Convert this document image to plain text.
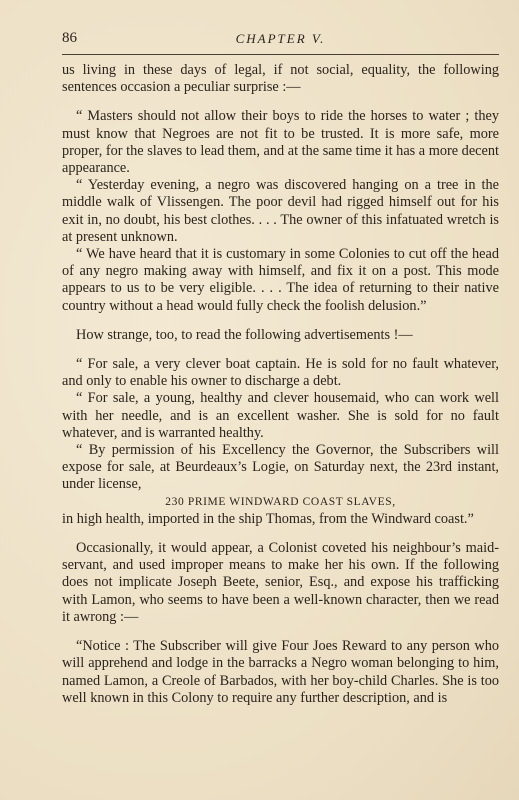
86	CHAPTER V.

us living in these days of legal, if not social, equality, the following sentences occasion a peculiar surprise :—

“ Masters should not allow their boys to ride the horses to water ; they must know that Negroes are not fit to be trusted. It is more safe, more proper, for the slaves to lead them, and at the same time it has a more decent appearance.

“ Yesterday evening, a negro was discovered hanging on a tree in the middle walk of Vlissengen. The poor devil had rigged himself out for his exit in, no doubt, his best clothes. . . . The owner of this infatuated wretch is at present unknown.

“ We have heard that it is customary in some Colonies to cut off the head of any negro making away with himself, and fix it on a post. This mode appears to us to be very eligible. . . . The idea of returning to their native country without a head would fully check the foolish delusion.”

How strange, too, to read the following advertisements !—

“ For sale, a very clever boat captain. He is sold for no fault whatever, and only to enable his owner to discharge a debt.

“ For sale, a young, healthy and clever housemaid, who can work well with her needle, and is an excellent washer. She is sold for no fault whatever, and is warranted healthy.

“ By permission of his Excellency the Governor, the Subscribers will expose for sale, at Beurdeaux’s Logie, on Saturday next, the 23rd instant, under license,

230 PRIME WINDWARD COAST SLAVES,

in high health, imported in the ship Thomas, from the Windward coast.”

Occasionally, it would appear, a Colonist coveted his neighbour’s maid-servant, and used improper means to make her his own. If the following does not implicate Joseph Beete, senior, Esq., and expose his trafficking with Lamon, who seems to have been a well-known character, then we read it awrong :—

“Notice : The Subscriber will give Four Joes Reward to any person who will apprehend and lodge in the barracks a Negro woman belonging to him, named Lamon, a Creole of Barbados, with her boy-child Charles. She is too well known in this Colony to require any further description, and is
